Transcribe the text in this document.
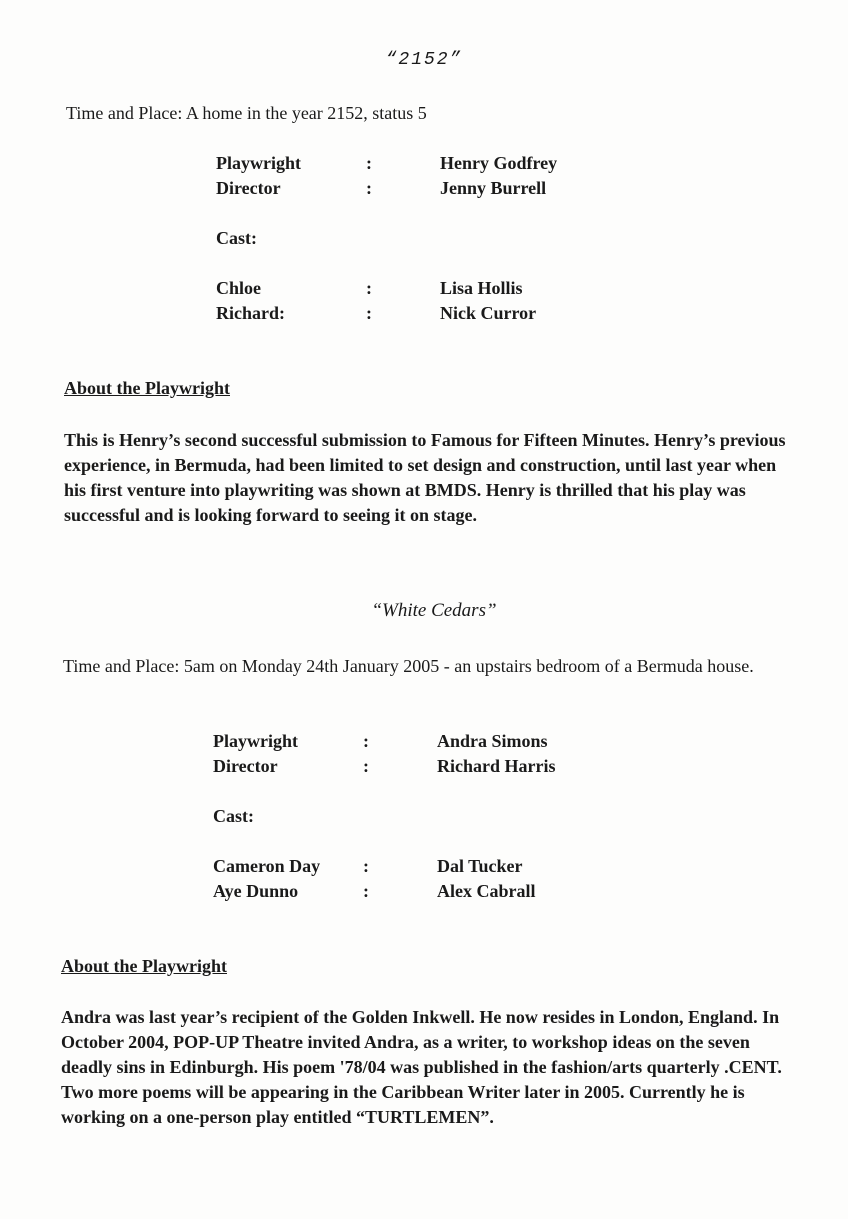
“2152”
Time and Place: A home in the year 2152, status 5
Playwright	:	Henry Godfrey
Director	:	Jenny Burrell
Cast:
Chloe	:	Lisa Hollis
Richard:	:	Nick Curror
About the Playwright
This is Henry’s second successful submission to Famous for Fifteen Minutes. Henry’s previous experience, in Bermuda, had been limited to set design and construction, until last year when his first venture into playwriting was shown at BMDS. Henry is thrilled that his play was successful and is looking forward to seeing it on stage.
“White Cedars”
Time and Place: 5am on Monday 24th January 2005 - an upstairs bedroom of a Bermuda house.
Playwright	:	Andra Simons
Director	:	Richard Harris
Cast:
Cameron Day :	Dal Tucker
Aye Dunno	:	Alex Cabrall
About the Playwright
Andra was last year’s recipient of the Golden Inkwell. He now resides in London, England. In October 2004, POP-UP Theatre invited Andra, as a writer, to workshop ideas on the seven deadly sins in Edinburgh. His poem '78/04 was published in the fashion/arts quarterly .CENT. Two more poems will be appearing in the Caribbean Writer later in 2005. Currently he is working on a one-person play entitled “TURTLEMEN”.
